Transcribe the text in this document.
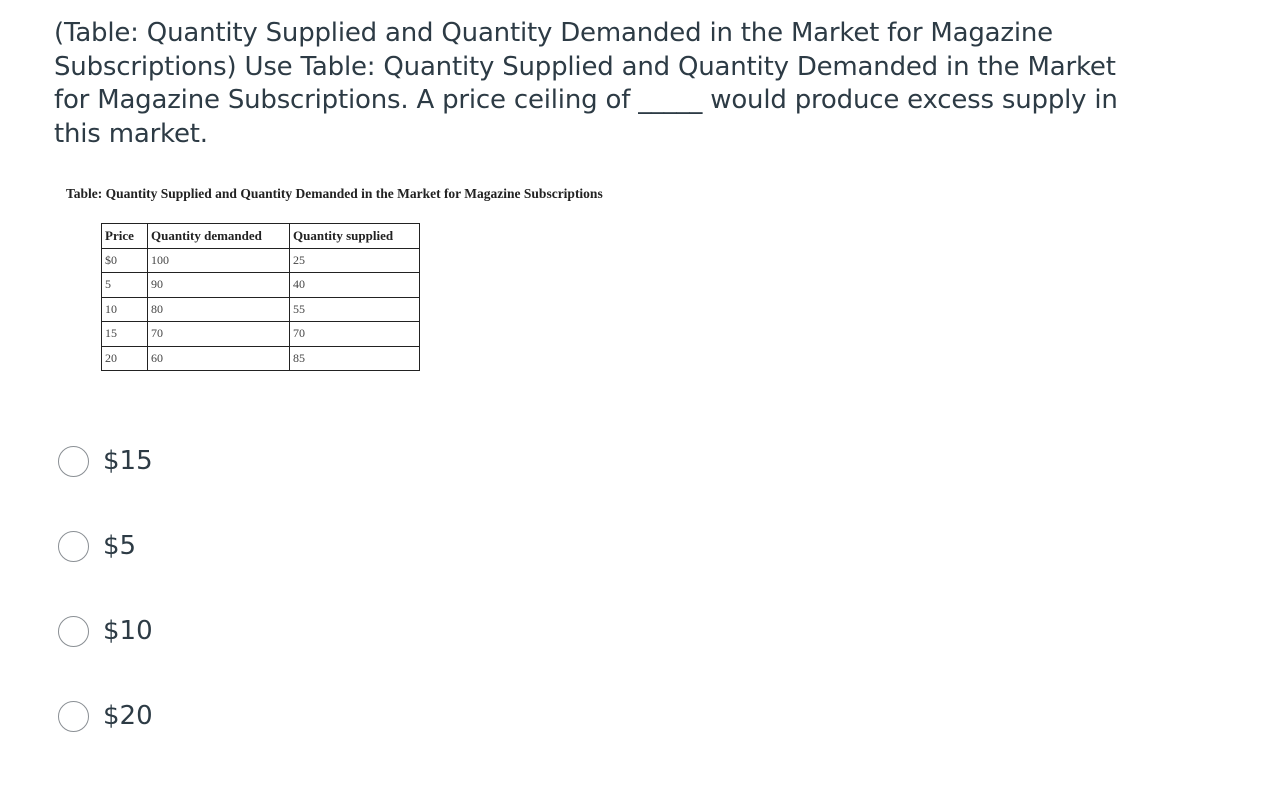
(Table: Quantity Supplied and Quantity Demanded in the Market for Magazine Subscriptions) Use Table: Quantity Supplied and Quantity Demanded in the Market for Magazine Subscriptions. A price ceiling of _____ would produce excess supply in this market.
Table: Quantity Supplied and Quantity Demanded in the Market for Magazine Subscriptions
Price	Quantity demanded	Quantity supplied
$0	100	25
5	90	40
10	80	55
15	70	70
20	60	85
$15
$5
$10
$20
